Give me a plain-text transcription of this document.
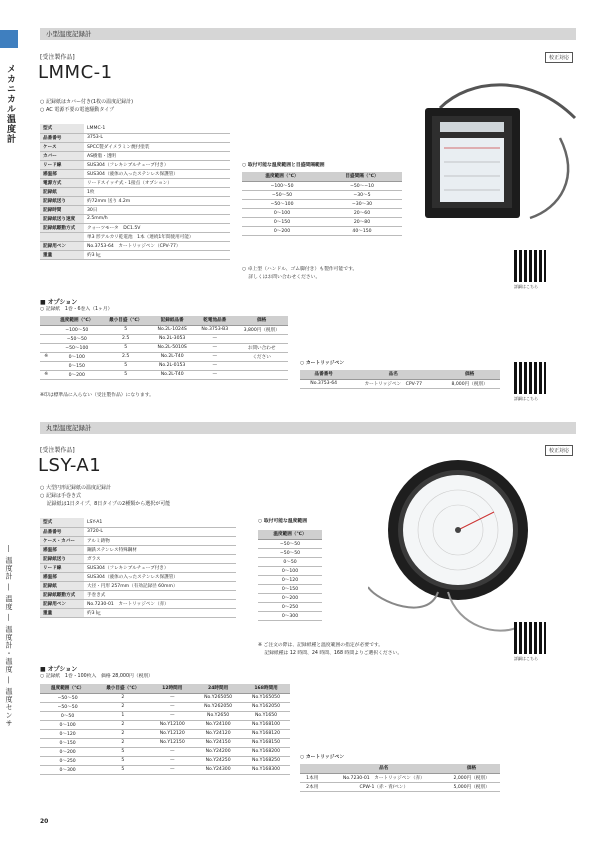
メカニカル温度計
― 温度計 ― 温度 ― 温度計・温度 ― 温度センサ
小型温度記録計
[受注製作品]
LMMC-1
校正対応
○ 記録紙はカバー付き(1枚の温度記録計)
○ AC 電源不要の電池駆動タイプ
型式	LMMC-1
品番番号	3753-L
ケース	SPCC製ダイメラミン焼付塗装
カバー	AS樹脂・透明
リード線	SUS304（フレキシブルチューブ付き）
感温部	SUS304（液体の入ったステンレス保護管）
電源方式	リードスイッチ式・1接点（オプション）
記録紙	1枚
記録紙送り	約72mm 送り 4.2m
記録時間	30日
記録紙送り速度	2.5mm/h
記録紙駆動方式	クォーツモータ　DC1.5V
	単3 形アルカリ乾電池　1本（連続1年間使用可能）
記録用ペン	No.3753-64　カートリッジペン（CPV-77）
重量	約3 ㎏
○ 取付可能な温度範囲と目盛間隔範囲
温度範囲（℃）	目盛間隔（℃）
−100〜50	−50〜−10
−50〜50	−30〜5
−50〜100	−30〜30
0〜100	20〜60
0〜150	20〜80
0〜200	40〜150
○ 卓上型（ハンドル、ゴム脚付き）も製作可能です。
　 詳しくはお問い合わせください。
詳細はこちら
■ オプション
○ 記録紙　1巻・6巻入（1ヶ月）
	温度範囲（℃）	最小目盛（℃）	記録紙品番	乾電池品番	価格
	−100〜50	5	No.2L-1024S	No.3753-B3	3,800円（税別）
	−50〜50	2.5	No.2L-3053	—	
	−50〜100	5	No.2L-5010S	—	お問い合わせ
※	0〜100	2.5	No.2L-T40	—	ください
	0〜150	5	No.2L-0153	—	
※	0〜200	5	No.2L-T40	—	
※印は標準品に入らない（受注製作品）になります。
○ カートリッジペン
品番番号	品名	価格
No.3753-64	カートリッジペン　CPV-77	8,000円（税別）
詳細はこちら
丸型温度記録計
[受注製作品]
LSY-A1
校正対応
○ 大型円形記録紙の温度記録計
○ 記録は手巻き式
　 記録紙は1日タイプ、8日タイプの2種類から選択が可能
型式	LSY-A1
品番番号	3720-L
ケース・カバー	アルミ鋳物
感温部	鋼鉄ステンレス特殊鋼材
記録紙送り	ガラス
リード線	SUS304（フレキシブルチューブ付き）
感温部	SUS304（液体の入ったステンレス保護管）
記録紙	大径・円形 257mm（有効記録径 60mm）
記録紙駆動方式	手巻き式
記録用ペン	No.7230-01　カートリッジペン（赤）
重量	約3 ㎏
○ 取付可能な温度範囲
温度範囲（℃）
−50〜50
−50〜50
0〜50
0〜100
0〜120
0〜150
0〜200
0〜250
0〜300
※ ご注文の際は、記録紙種と温度範囲の指定が必要です。
　 記録紙種は 12 時間、24 時間、168 時間よりご選択ください。
詳細はこちら
■ オプション
○ 記録紙　1巻・100枚入　価格 28,000円（税別）
温度範囲（℃）	最小目盛（℃）	12時間用	24時間用	168時間用
−50〜50	2	—	No.Y265050	No.Y165050
−50〜50	2	—	No.Y262050	No.Y162050
0〜50	1	—	No.Y2650	No.Y1650
0〜100	2	No.Y12100	No.Y24100	No.Y168100
0〜120	2	No.Y12120	No.Y24120	No.Y168120
0〜150	2	No.Y12150	No.Y24150	No.Y168150
0〜200	5	—	No.Y24200	No.Y168200
0〜250	5	—	No.Y24250	No.Y168250
0〜300	5	—	No.Y24300	No.Y168300
○ カートリッジペン
	品名	価格
1本用	No.7230-01　カートリッジペン（赤）	2,000円（税別）
2本用	CPW-1（赤・青/ペン）	5,000円（税別）
20
